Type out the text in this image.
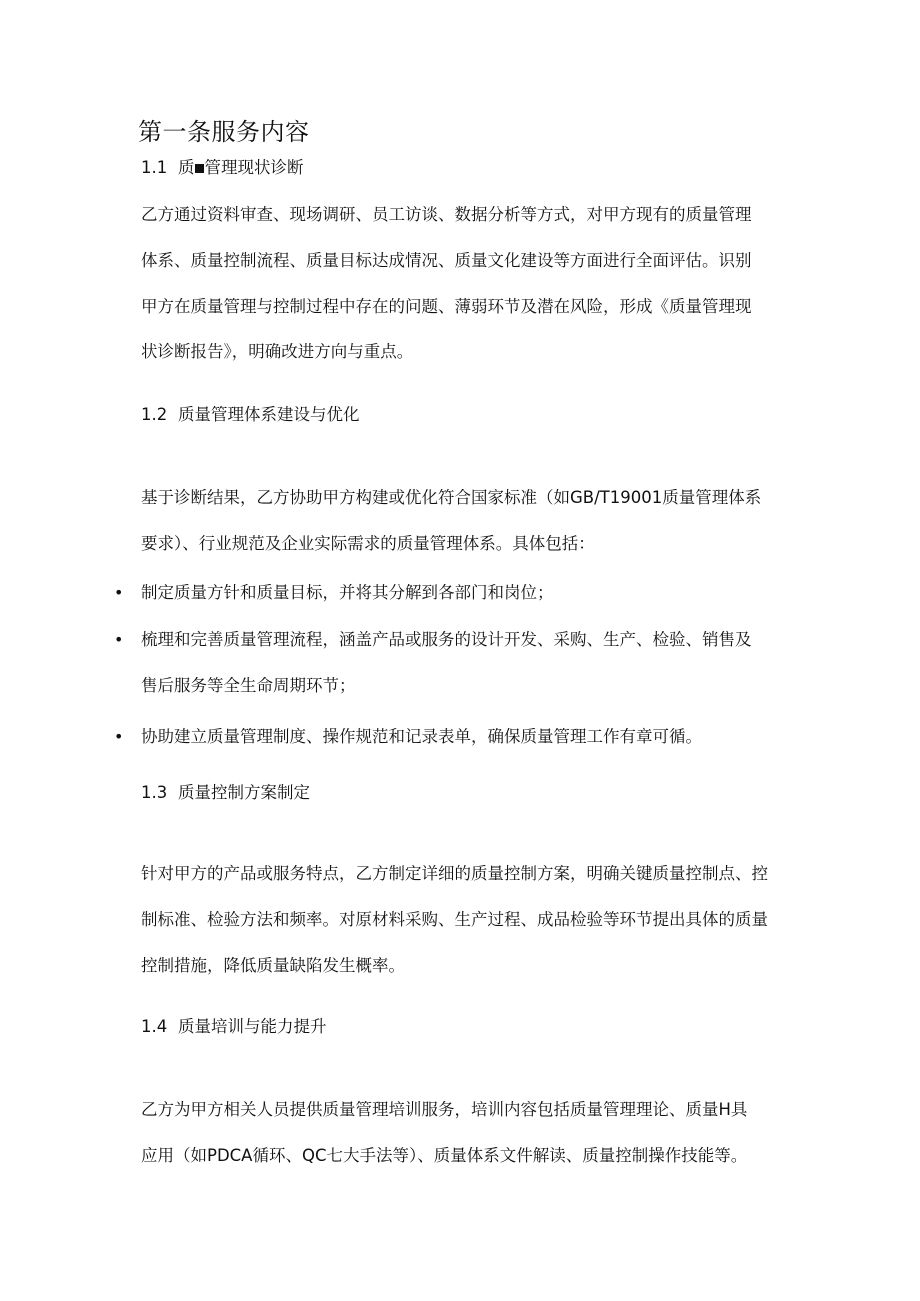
第一条服务内容
1.1 质 管理现状诊断
乙方通过资料审查、现场调研、员工访谈、数据分析等方式，对甲方现有的质量管理
体系、质量控制流程、质量目标达成情况、质量文化建设等方面进行全面评估。识别
甲方在质量管理与控制过程中存在的问题、薄弱环节及潜在风险，形成《质量管理现
状诊断报告》，明确改进方向与重点。
1.2 质量管理体系建设与优化
基于诊断结果，乙方协助甲方构建或优化符合国家标准（如GB/T19001质量管理体系
要求）、行业规范及企业实际需求的质量管理体系。具体包括：
• 制定质量方针和质量目标，并将其分解到各部门和岗位；
• 梳理和完善质量管理流程，涵盖产品或服务的设计开发、采购、生产、检验、销售及
售后服务等全生命周期环节；
• 协助建立质量管理制度、操作规范和记录表单，确保质量管理工作有章可循。
1.3 质量控制方案制定
针对甲方的产品或服务特点，乙方制定详细的质量控制方案，明确关键质量控制点、控
制标准、检验方法和频率。对原材料采购、生产过程、成品检验等环节提出具体的质量
控制措施，降低质量缺陷发生概率。
1.4 质量培训与能力提升
乙方为甲方相关人员提供质量管理培训服务，培训内容包括质量管理理论、质量H具
应用（如PDCA循环、QC七大手法等）、质量体系文件解读、质量控制操作技能等。
